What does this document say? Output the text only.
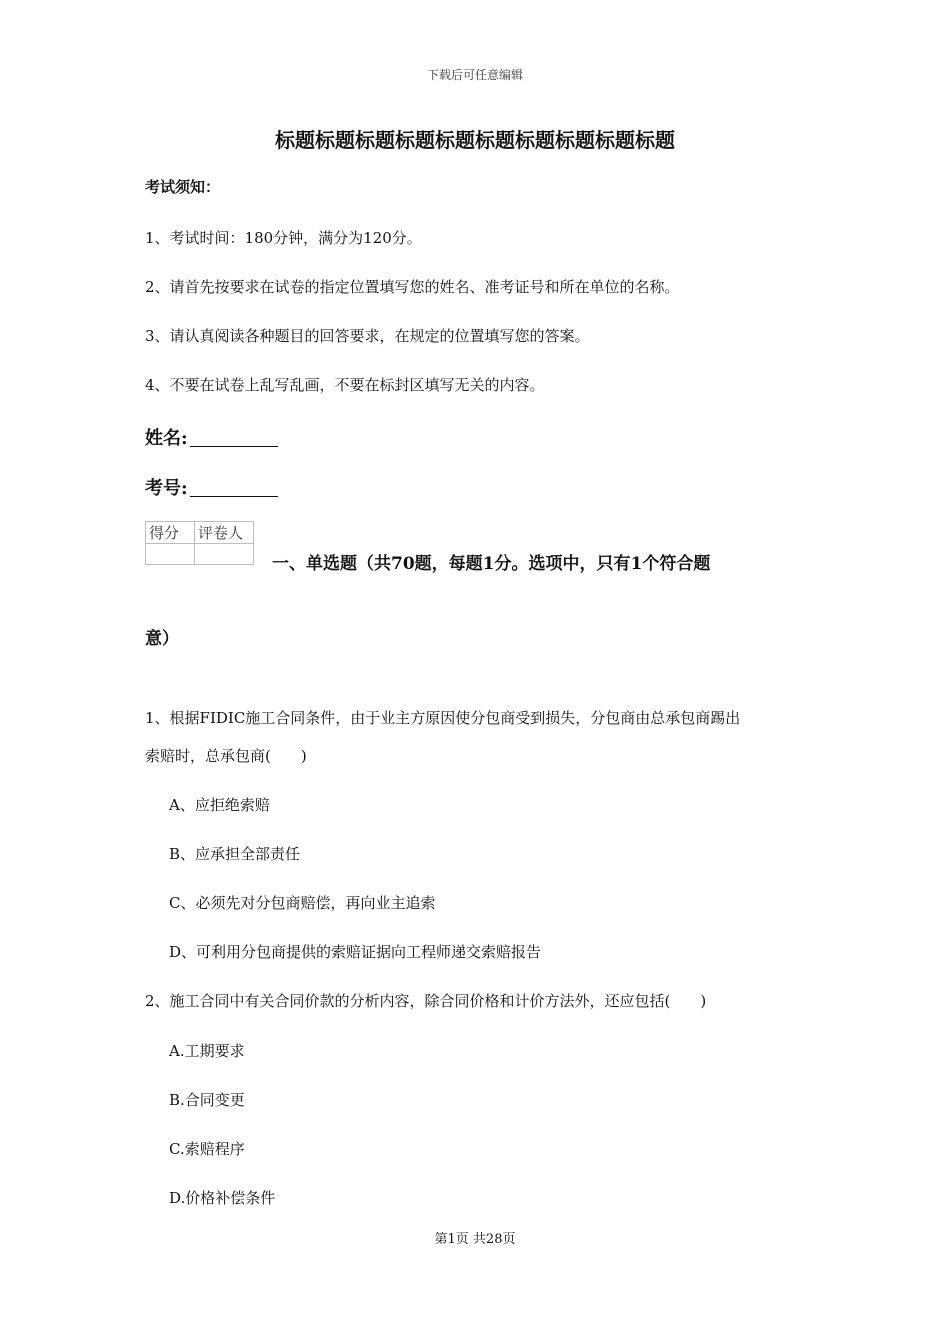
下载后可任意编辑
标题标题标题标题标题标题标题标题标题标题
考试须知：
1、考试时间：180分钟，满分为120分。
2、请首先按要求在试卷的指定位置填写您的姓名、准考证号和所在单位的名称。
3、请认真阅读各种题目的回答要求，在规定的位置填写您的答案。
4、不要在试卷上乱写乱画，不要在标封区填写无关的内容。
姓名:
考号:
得分	评卷人

一、单选题（共70题，每题1分。选项中，只有1个符合题
意）
1、根据FIDIC施工合同条件，由于业主方原因使分包商受到损失，分包商由总承包商踢出
索赔时，总承包商(　　)
A、应拒绝索赔
B、应承担全部责任
C、必须先对分包商赔偿，再向业主追索
D、可利用分包商提供的索赔证据向工程师递交索赔报告
2、施工合同中有关合同价款的分析内容，除合同价格和计价方法外，还应包括(　　)
A.工期要求
B.合同变更
C.索赔程序
D.价格补偿条件
第1页 共28页
